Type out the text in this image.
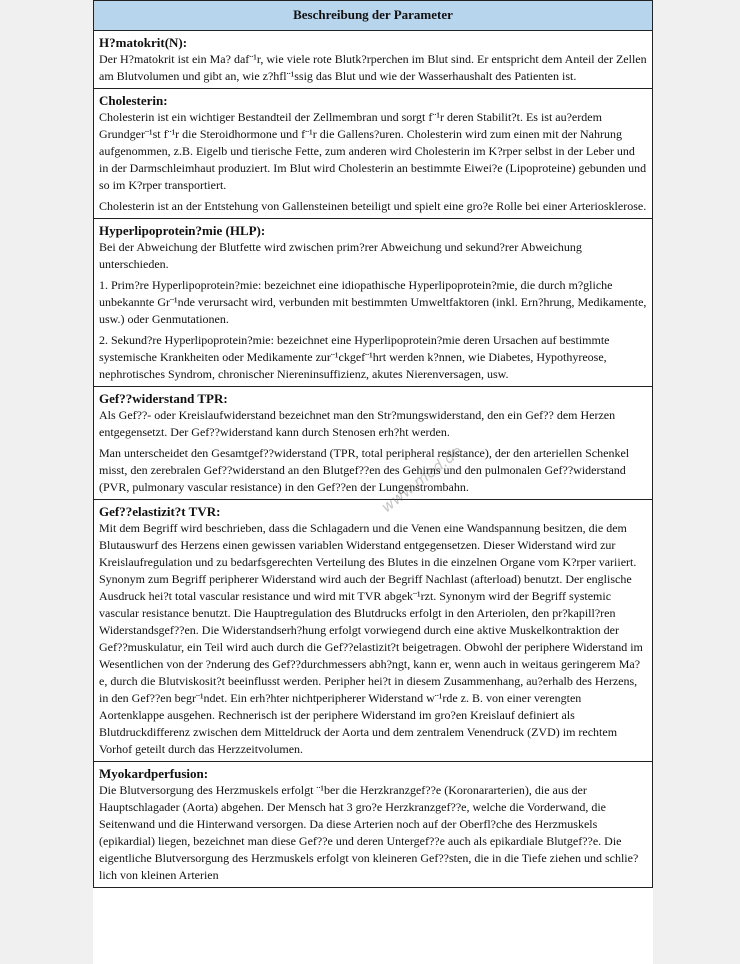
Beschreibung der Parameter

H?matokrit(N):

Der H?matokrit ist ein Ma? daf¨¹r, wie viele rote Blutk?rperchen im Blut sind. Er entspricht dem Anteil der Zellen am Blutvolumen und gibt an, wie z?hfl¨¹ssig das Blut und wie der Wasserhaushalt des Patienten ist.

Cholesterin:

Cholesterin ist ein wichtiger Bestandteil der Zellmembran und sorgt f¨¹r deren Stabilit?t. Es ist au?erdem Grundger¨¹st f¨¹r die Steroidhormone und f¨¹r die Gallens?uren. Cholesterin wird zum einen mit der Nahrung aufgenommen, z.B. Eigelb und tierische Fette, zum anderen wird Cholesterin im K?rper selbst in der Leber und in der Darmschleimhaut produziert. Im Blut wird Cholesterin an bestimmte Eiwei?e (Lipoproteine) gebunden und so im K?rper transportiert.

Cholesterin ist an der Entstehung von Gallensteinen beteiligt und spielt eine gro?e Rolle bei einer Arteriosklerose.

Hyperlipoprotein?mie (HLP):

Bei der Abweichung der Blutfette wird zwischen prim?rer Abweichung und sekund?rer Abweichung unterschieden.

1. Prim?re Hyperlipoprotein?mie: bezeichnet eine idiopathische Hyperlipoprotein?mie, die durch m?gliche unbekannte Gr¨¹nde verursacht wird, verbunden mit bestimmten Umweltfaktoren (inkl. Ern?hrung, Medikamente, usw.) oder Genmutationen.

2. Sekund?re Hyperlipoprotein?mie: bezeichnet eine Hyperlipoprotein?mie deren Ursachen auf bestimmte systemische Krankheiten oder Medikamente zur¨¹ckgef¨¹hrt werden k?nnen, wie Diabetes, Hypothyreose, nephrotisches Syndrom, chronischer Niereninsuffizienz, akutes Nierenversagen, usw.

Gef??widerstand TPR:

Als Gef??- oder Kreislaufwiderstand bezeichnet man den Str?mungswiderstand, den ein Gef?? dem Herzen entgegensetzt. Der Gef??widerstand kann durch Stenosen erh?ht werden.

Man unterscheidet den Gesamtgef??widerstand (TPR, total peripheral resistance), der den arteriellen Schenkel misst, den zerebralen Gef??widerstand an den Blutgef??en des Gehirns und den pulmonalen Gef??widerstand (PVR, pulmonary vascular resistance) in den Gef??en der Lungenstrombahn.

Gef??elastizit?t TVR:

Mit dem Begriff wird beschrieben, dass die Schlagadern und die Venen eine Wandspannung besitzen, die dem Blutauswurf des Herzens einen gewissen variablen Widerstand entgegensetzen. Dieser Widerstand wird zur Kreislaufregulation und zu bedarfsgerechten Verteilung des Blutes in die einzelnen Organe vom K?rper variiert. Synonym zum Begriff peripherer Widerstand wird auch der Begriff Nachlast (afterload) benutzt. Der englische Ausdruck hei?t total vascular resistance und wird mit TVR abgek¨¹rzt. Synonym wird der Begriff systemic vascular resistance benutzt. Die Hauptregulation des Blutdrucks erfolgt in den Arteriolen, den pr?kapill?ren Widerstandsgef??en. Die Widerstandserh?hung erfolgt vorwiegend durch eine aktive Muskelkontraktion der Gef??muskulatur, ein Teil wird auch durch die Gef??elastizit?t beigetragen. Obwohl der periphere Widerstand im Wesentlichen von der ?nderung des Gef??durchmessers abh?ngt, kann er, wenn auch in weitaus geringerem Ma?e, durch die Blutviskosit?t beeinflusst werden. Peripher hei?t in diesem Zusammenhang, au?erhalb des Herzens, in den Gef??en begr¨¹ndet. Ein erh?hter nichtperipherer Widerstand w¨¹rde z. B. von einer verengten Aortenklappe ausgehen. Rechnerisch ist der periphere Widerstand im gro?en Kreislauf definiert als Blutdruckdifferenz zwischen dem Mitteldruck der Aorta und dem zentralem Venendruck (ZVD) im rechtem Vorhof geteilt durch das Herzzeitvolumen.

Myokardperfusion:

Die Blutversorgung des Herzmuskels erfolgt ¨¹ber die Herzkranzgef??e (Koronararterien), die aus der Hauptschlagader (Aorta) abgehen. Der Mensch hat 3 gro?e Herzkranzgef??e, welche die Vorderwand, die Seitenwand und die Hinterwand versorgen. Da diese Arterien noch auf der Oberfl?che des Herzmuskels (epikardial) liegen, bezeichnet man diese Gef??e und deren Untergef??e auch als epikardiale Blutgef??e. Die eigentliche Blutversorgung des Herzmuskels erfolgt von kleineren Gef??sten, die in die Tiefe ziehen und schlie?lich von kleinen Arterien

www.med.de
